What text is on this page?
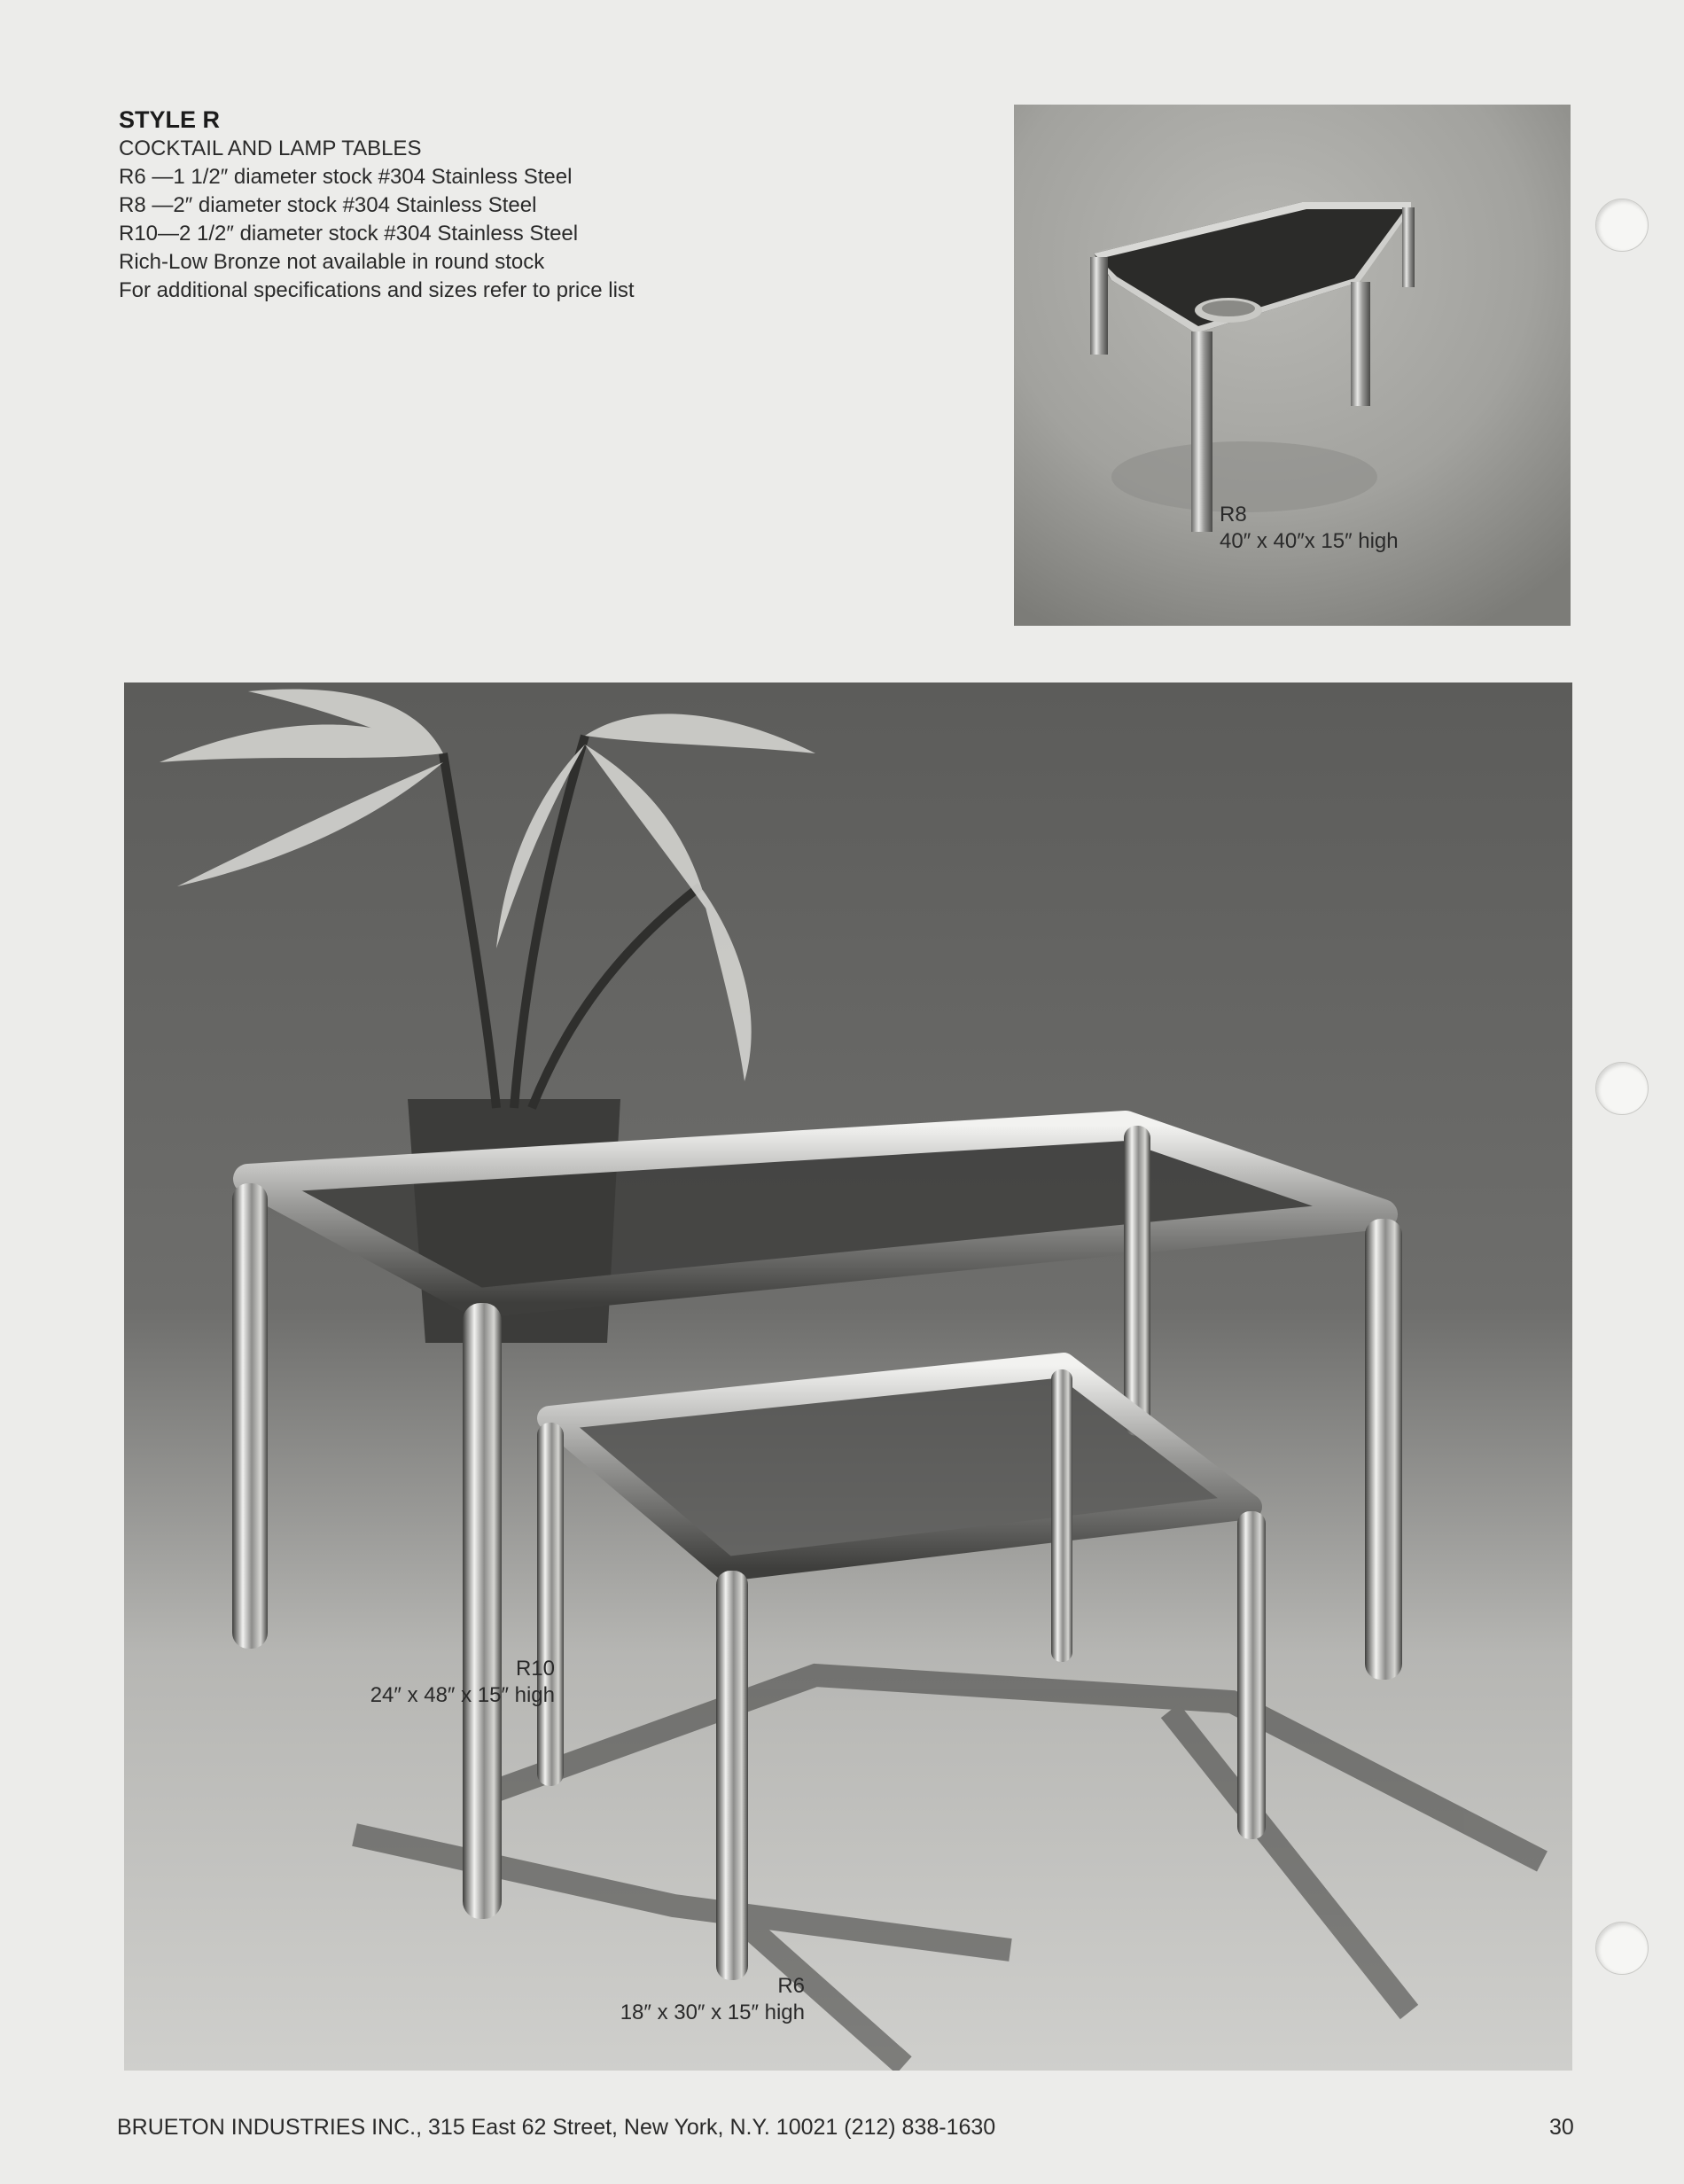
STYLE R
COCKTAIL AND LAMP TABLES
R6 —1 1/2″ diameter stock #304 Stainless Steel
R8 —2″ diameter stock #304 Stainless Steel
R10—2 1/2″ diameter stock #304 Stainless Steel
Rich-Low Bronze not available in round stock
For additional specifications and sizes refer to price list
R8
40″ x 40″x 15″ high
R10
24″ x 48″ x 15″ high
R6
18″ x 30″ x 15″ high
BRUETON INDUSTRIES INC., 315 East 62 Street, New York, N.Y. 10021 (212) 838-1630	30
